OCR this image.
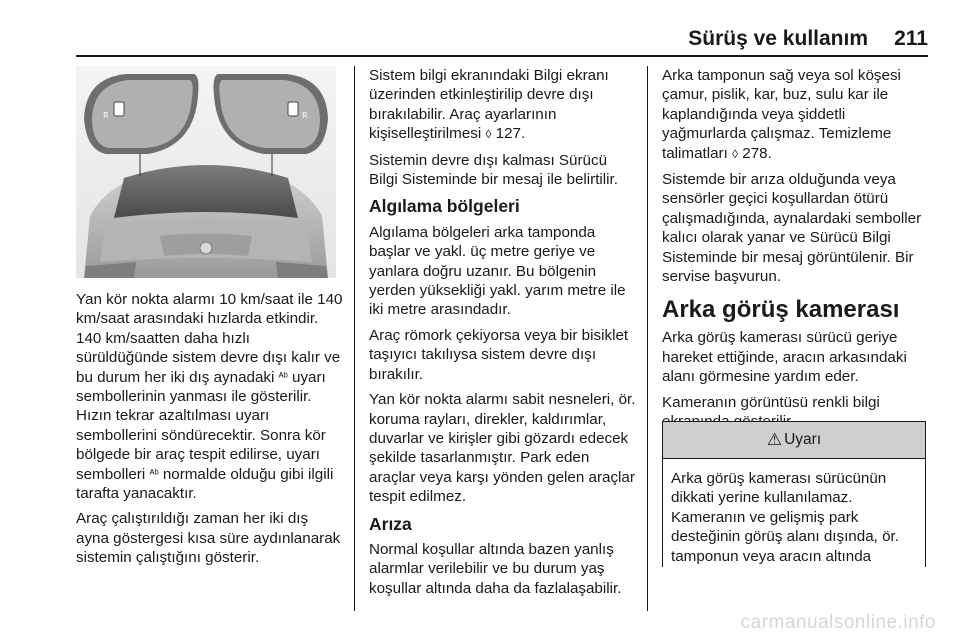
Sürüş ve kullanım 211
R	R

Yan kör nokta alarmı 10 km/saat ile 140 km/saat arasındaki hızlarda etkindir. 140 km/saatten daha hızlı sürüldüğünde sistem devre dışı kalır ve bu durum her iki dış aynadaki ᴬᵇ uyarı sembollerinin yanması ile gösterilir. Hızın tekrar azaltılması uyarı sembollerini söndürecektir. Sonra kör bölgede bir araç tespit edilirse, uyarı sembolleri ᴬᵇ normalde olduğu gibi ilgili tarafta yanacaktır.

Araç çalıştırıldığı zaman her iki dış ayna göstergesi kısa süre aydınlanarak sistemin çalıştığını gösterir.

Sistem bilgi ekranındaki Bilgi ekranı üzerinden etkinleştirilip devre dışı bırakılabilir. Araç ayarlarının kişiselleştirilmesi ◊ 127.

Sistemin devre dışı kalması Sürücü Bilgi Sisteminde bir mesaj ile belirtilir.

Algılama bölgeleri

Algılama bölgeleri arka tamponda başlar ve yakl. üç metre geriye ve yanlara doğru uzanır. Bu bölgenin yerden yüksekliği yakl. yarım metre ile iki metre arasındadır.

Araç römork çekiyorsa veya bir bisiklet taşıyıcı takılıysa sistem devre dışı bırakılır.

Yan kör nokta alarmı sabit nesneleri, ör. koruma rayları, direkler, kaldırımlar, duvarlar ve kirişler gibi gözardı edecek şekilde tasarlanmıştır. Park eden araçlar veya karşı yönden gelen araçlar tespit edilmez.

Arıza

Normal koşullar altında bazen yanlış alarmlar verilebilir ve bu durum yaş koşullar altında daha da fazlalaşabilir.

Arka tamponun sağ veya sol köşesi çamur, pislik, kar, buz, sulu kar ile kaplandığında veya şiddetli yağmurlarda çalışmaz. Temizleme talimatları ◊ 278.

Sistemde bir arıza olduğunda veya sensörler geçici koşullardan ötürü çalışmadığında, aynalardaki semboller kalıcı olarak yanar ve Sürücü Bilgi Sisteminde bir mesaj görüntülenir. Bir servise başvurun.

Arka görüş kamerası

Arka görüş kamerası sürücü geriye hareket ettiğinde, aracın arkasındaki alanı görmesine yardım eder.

Kameranın görüntüsü renkli bilgi

⚠ Uyarı
Arka görüş kamerası sürücünün dikkati yerine kullanılamaz. Kameranın ve gelişmiş park desteğinin görüş alanı dışında, ör. tamponun veya aracın altında
carmanualsonline.info
